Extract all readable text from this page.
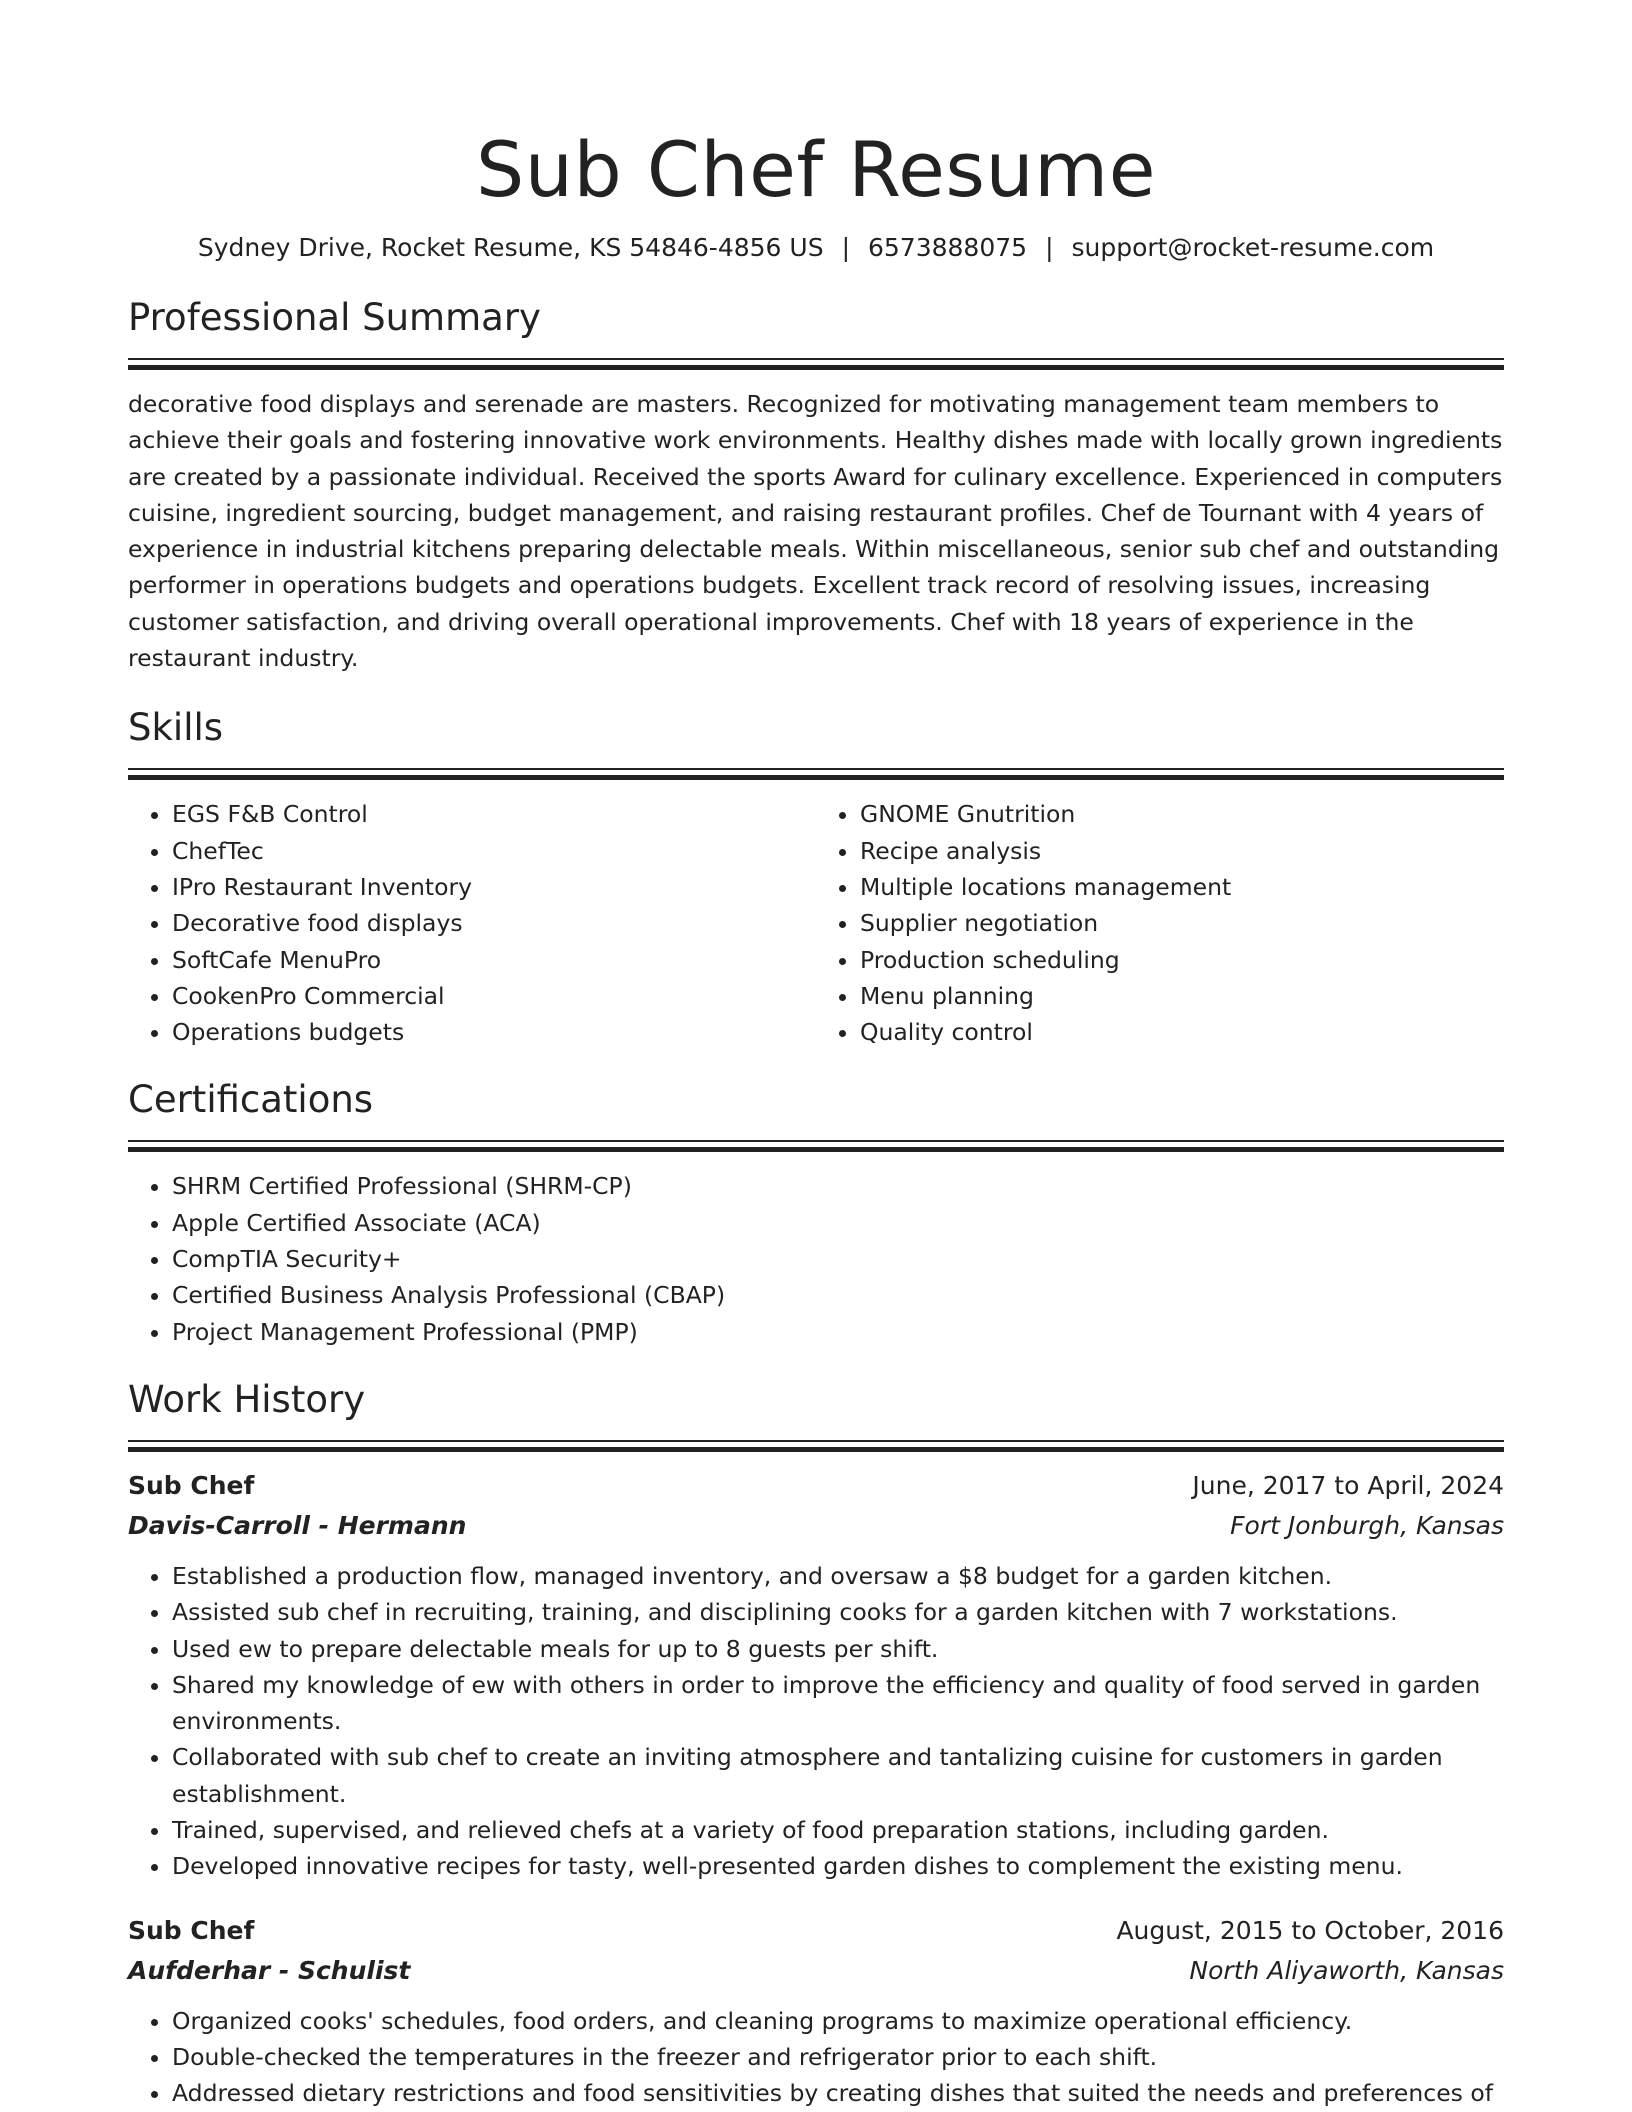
Sub Chef Resume
Sydney Drive, Rocket Resume, KS 54846-4856 US | 6573888075 | support@rocket-resume.com
Professional Summary

decorative food displays and serenade are masters. Recognized for motivating management team members to achieve their goals and fostering innovative work environments. Healthy dishes made with locally grown ingredients are created by a passionate individual. Received the sports Award for culinary excellence. Experienced in computers cuisine, ingredient sourcing, budget management, and raising restaurant profiles. Chef de Tournant with 4 years of experience in industrial kitchens preparing delectable meals. Within miscellaneous, senior sub chef and outstanding performer in operations budgets and operations budgets. Excellent track record of resolving issues, increasing customer satisfaction, and driving overall operational improvements. Chef with 18 years of experience in the restaurant industry.

Skills
• EGS F&B Control
• ChefTec
• IPro Restaurant Inventory
• Decorative food displays
• SoftCafe MenuPro
• CookenPro Commercial
• Operations budgets
• GNOME Gnutrition
• Recipe analysis
• Multiple locations management
• Supplier negotiation
• Production scheduling
• Menu planning
• Quality control
Certifications
• SHRM Certified Professional (SHRM-CP)
• Apple Certified Associate (ACA)
• CompTIA Security+
• Certified Business Analysis Professional (CBAP)
• Project Management Professional (PMP)
Work History
Sub Chef	June, 2017 to April, 2024
Davis-Carroll - Hermann	Fort Jonburgh, Kansas
• Established a production flow, managed inventory, and oversaw a $8 budget for a garden kitchen.
• Assisted sub chef in recruiting, training, and disciplining cooks for a garden kitchen with 7 workstations.
• Used ew to prepare delectable meals for up to 8 guests per shift.
• Shared my knowledge of ew with others in order to improve the efficiency and quality of food served in garden environments.
• Collaborated with sub chef to create an inviting atmosphere and tantalizing cuisine for customers in garden establishment.
• Trained, supervised, and relieved chefs at a variety of food preparation stations, including garden.
• Developed innovative recipes for tasty, well-presented garden dishes to complement the existing menu.
Sub Chef	August, 2015 to October, 2016
Aufderhar - Schulist	North Aliyaworth, Kansas
• Organized cooks' schedules, food orders, and cleaning programs to maximize operational efficiency.
• Double-checked the temperatures in the freezer and refrigerator prior to each shift.
• Addressed dietary restrictions and food sensitivities by creating dishes that suited the needs and preferences of
